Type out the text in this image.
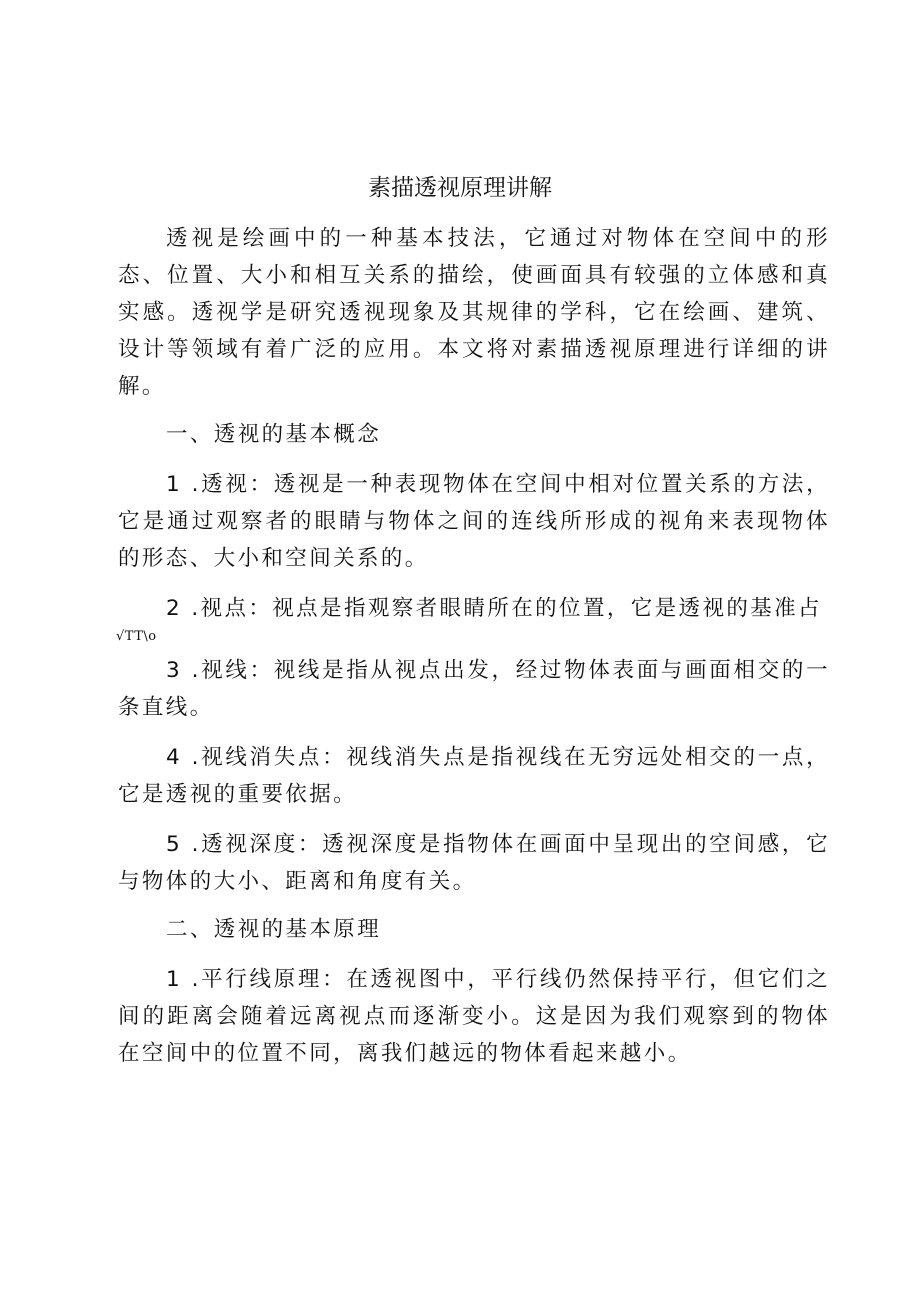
素描透视原理讲解

透视是绘画中的一种基本技法，它通过对物体在空间中的形态、位置、大小和相互关系的描绘，使画面具有较强的立体感和真实感。透视学是研究透视现象及其规律的学科，它在绘画、建筑、设计等领域有着广泛的应用。本文将对素描透视原理进行详细的讲解。

一、透视的基本概念

1 .透视：透视是一种表现物体在空间中相对位置关系的方法，它是通过观察者的眼睛与物体之间的连线所形成的视角来表现物体的形态、大小和空间关系的。

2 .视点：视点是指观察者眼睛所在的位置，它是透视的基准占

√TT\o

3 .视线：视线是指从视点出发，经过物体表面与画面相交的一条直线。

4 .视线消失点：视线消失点是指视线在无穷远处相交的一点，它是透视的重要依据。

5 .透视深度：透视深度是指物体在画面中呈现出的空间感，它与物体的大小、距离和角度有关。

二、透视的基本原理

1 .平行线原理：在透视图中，平行线仍然保持平行，但它们之间的距离会随着远离视点而逐渐变小。这是因为我们观察到的物体在空间中的位置不同，离我们越远的物体看起来越小。
